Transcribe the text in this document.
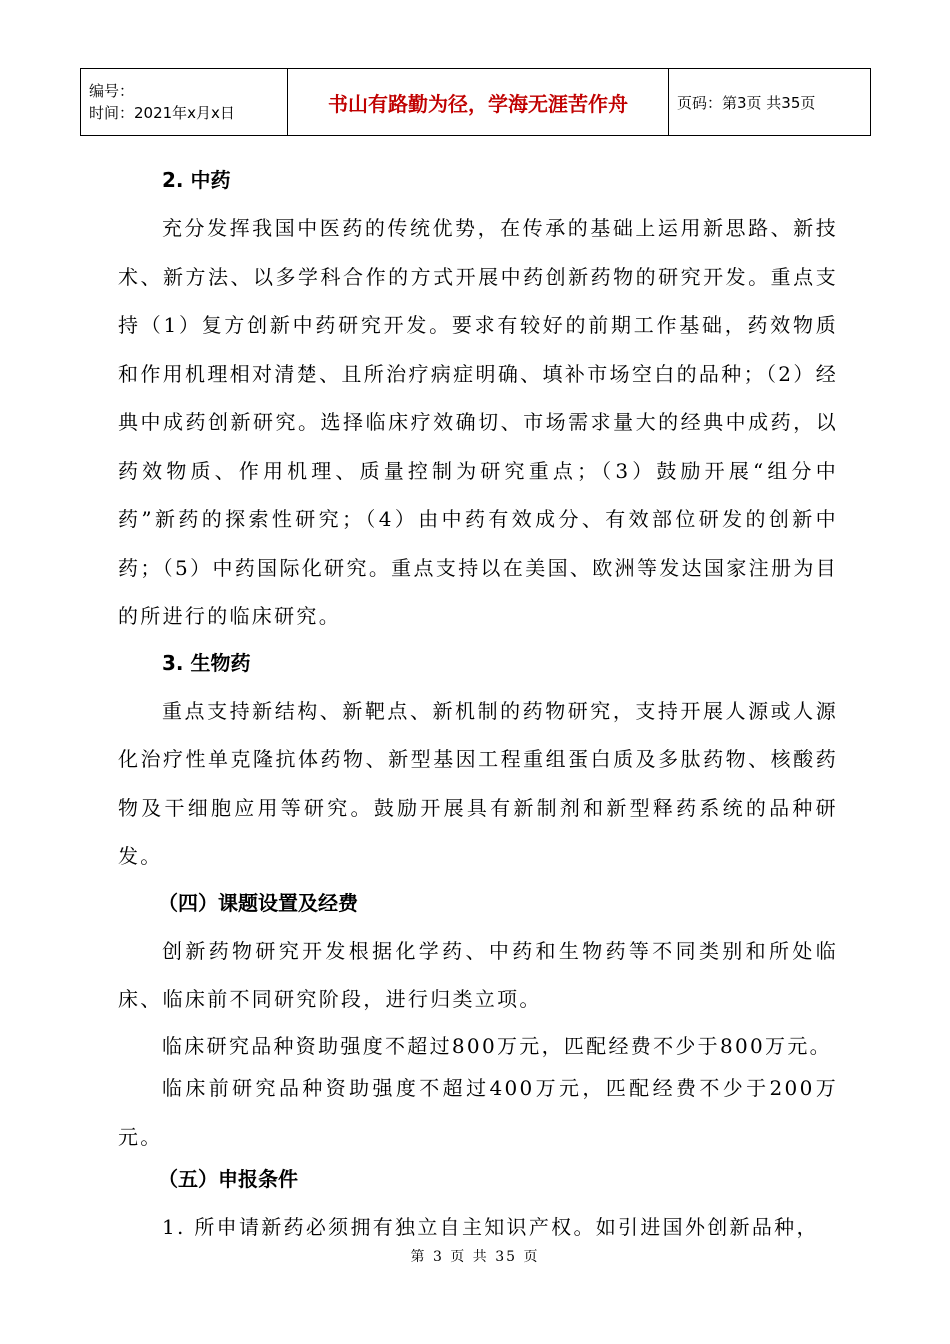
编号：
时间：2021年x月x日	书山有路勤为径，学海无涯苦作舟	页码：第3页 共35页
2. 中药

充分发挥我国中医药的传统优势，在传承的基础上运用新思路、新技术、新方法、以多学科合作的方式开展中药创新药物的研究开发。重点支持（1）复方创新中药研究开发。要求有较好的前期工作基础，药效物质和作用机理相对清楚、且所治疗病症明确、填补市场空白的品种；（2）经典中成药创新研究。选择临床疗效确切、市场需求量大的经典中成药，以药效物质、作用机理、质量控制为研究重点；（3）鼓励开展“组分中药”新药的探索性研究；（4）由中药有效成分、有效部位研发的创新中药；（5）中药国际化研究。重点支持以在美国、欧洲等发达国家注册为目的所进行的临床研究。

3. 生物药

重点支持新结构、新靶点、新机制的药物研究，支持开展人源或人源化治疗性单克隆抗体药物、新型基因工程重组蛋白质及多肽药物、核酸药物及干细胞应用等研究。鼓励开展具有新制剂和新型释药系统的品种研发。

（四）课题设置及经费

创新药物研究开发根据化学药、中药和生物药等不同类别和所处临床、临床前不同研究阶段，进行归类立项。

临床研究品种资助强度不超过800万元，匹配经费不少于800万元。

临床前研究品种资助强度不超过400万元，匹配经费不少于200万元。

（五）申报条件

1. 所申请新药必须拥有独立自主知识产权。如引进国外创新品种，

第 3 页 共 35 页
